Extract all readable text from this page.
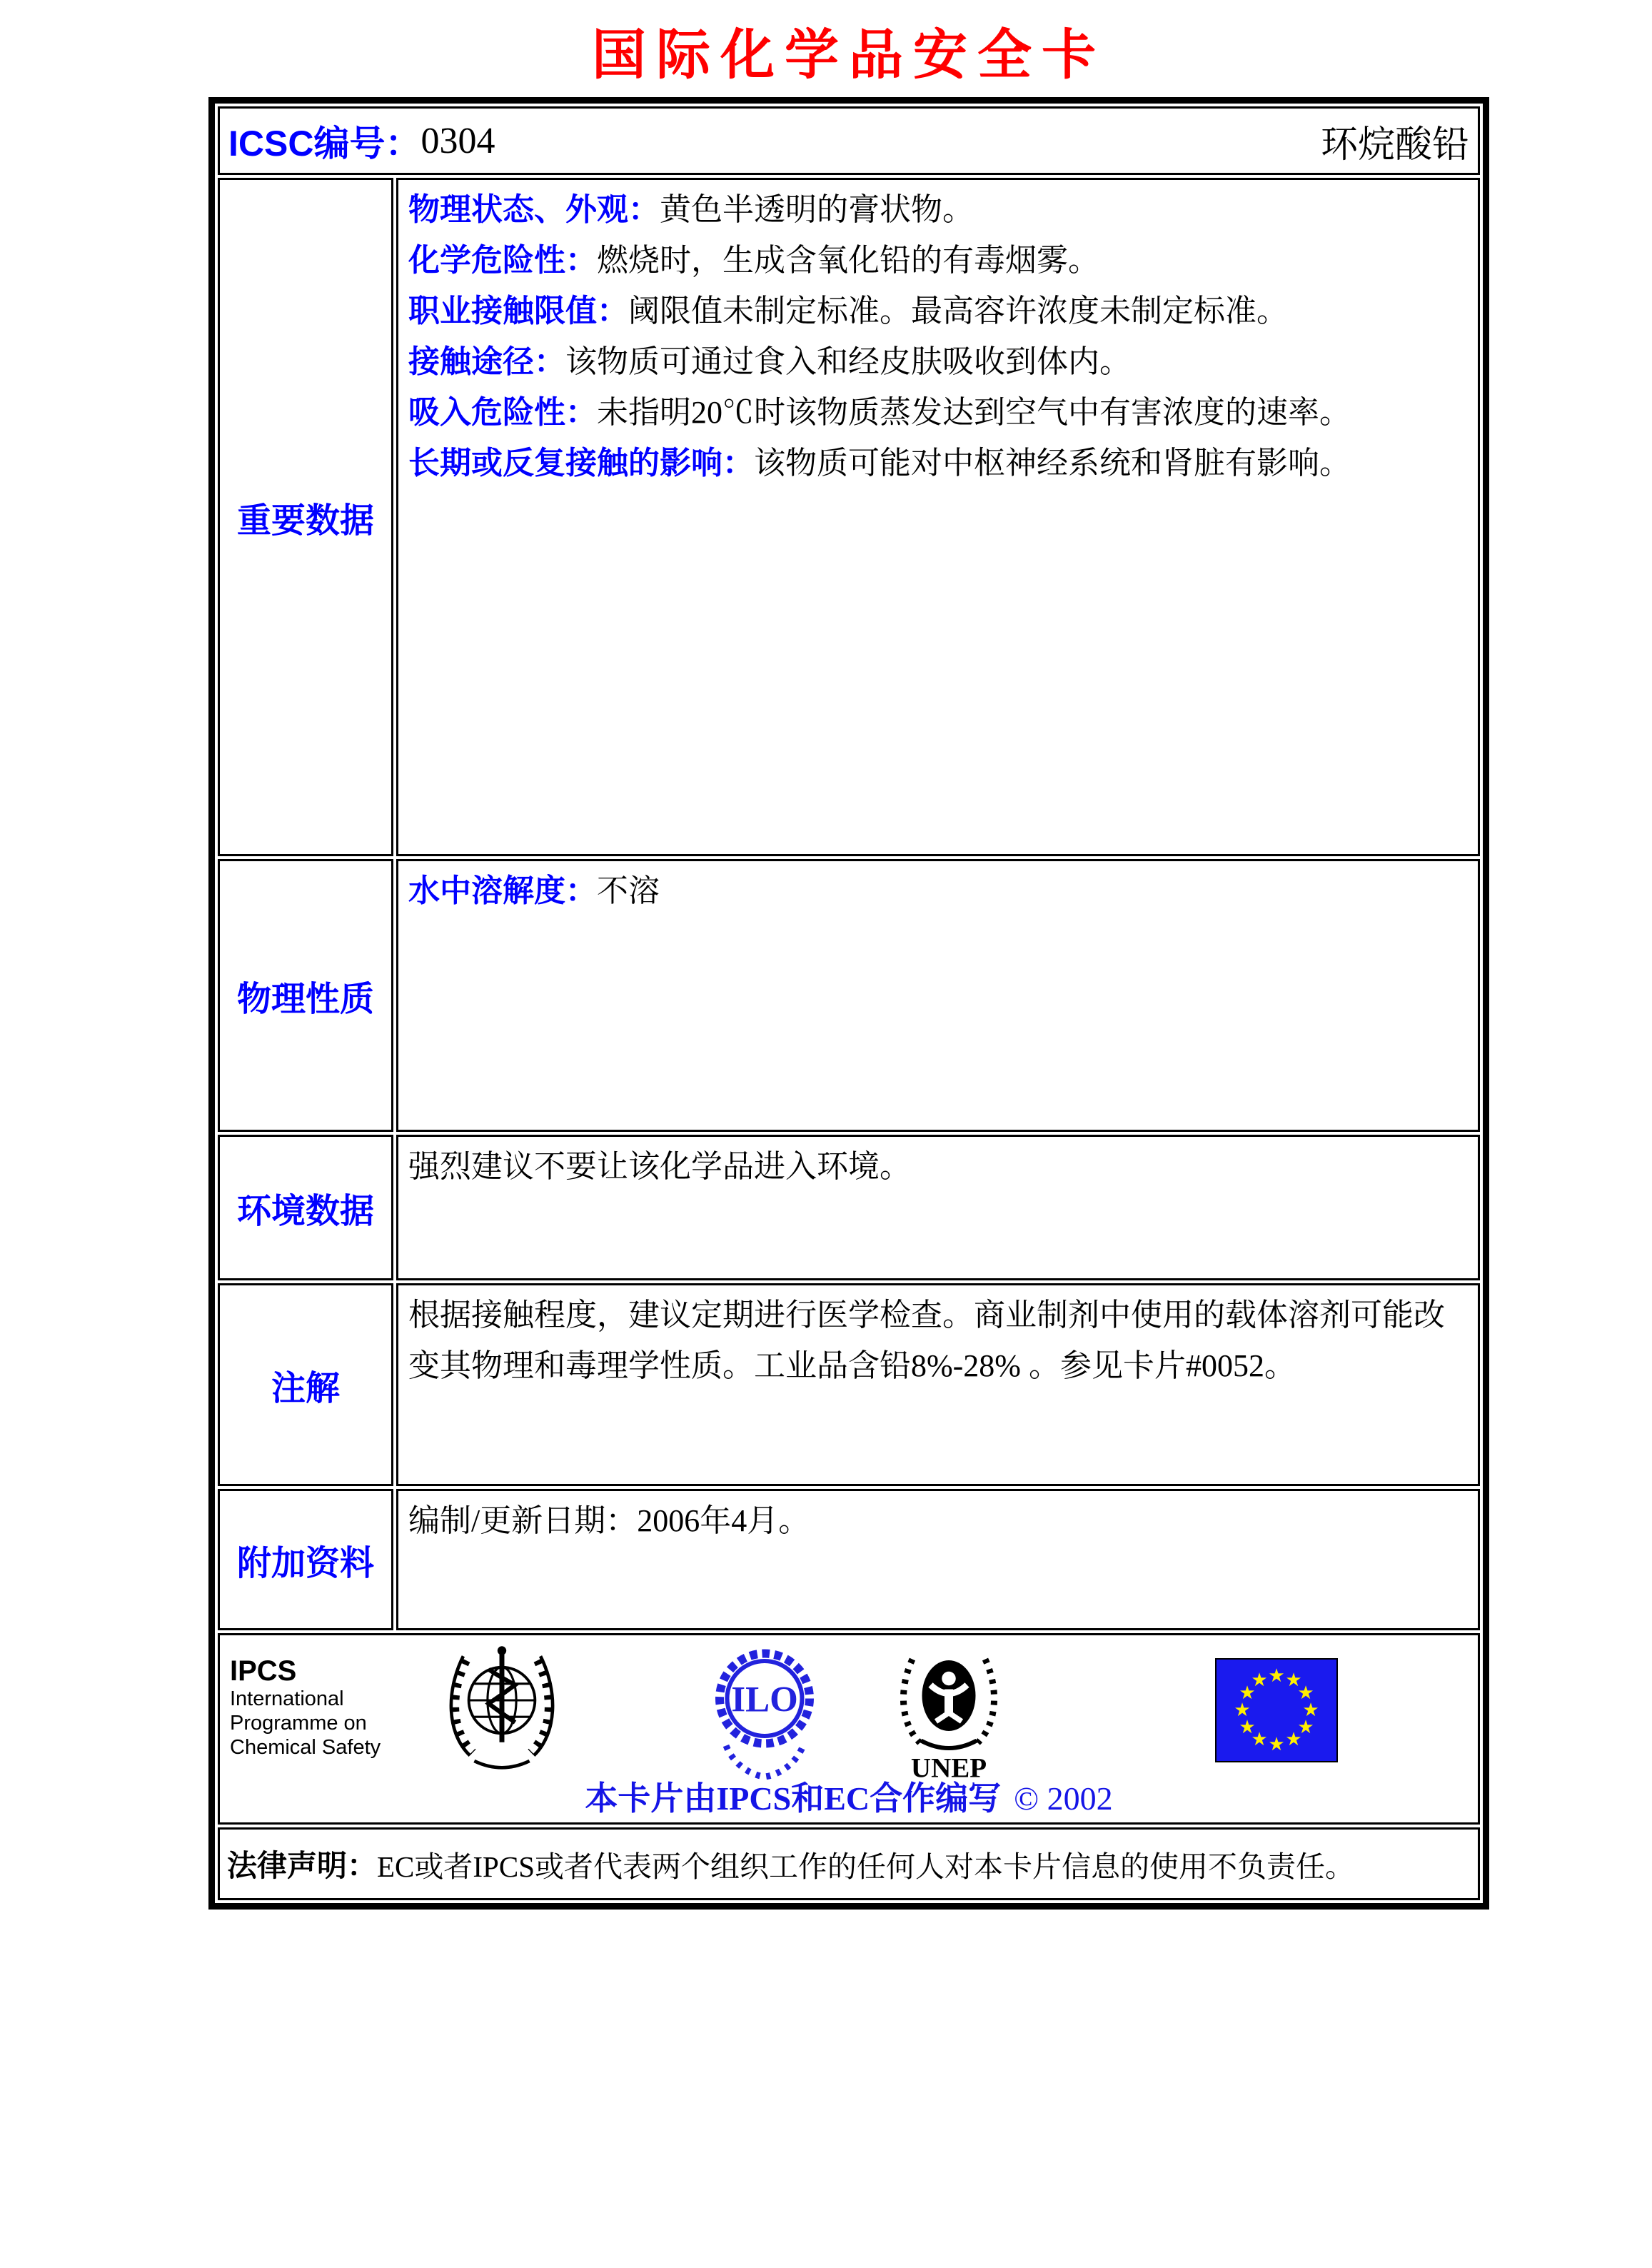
国际化学品安全卡
ICSC编号： 0304	环烷酸铅
重要数据
物理状态、外观：黄色半透明的膏状物。
化学危险性：燃烧时，生成含氧化铅的有毒烟雾。
职业接触限值：阈限值未制定标准。最高容许浓度未制定标准。
接触途径：该物质可通过食入和经皮肤吸收到体内。
吸入危险性：未指明20℃时该物质蒸发达到空气中有害浓度的速率。
长期或反复接触的影响：该物质可能对中枢神经系统和肾脏有影响。
物理性质
水中溶解度：不溶
环境数据
强烈建议不要让该化学品进入环境。
注解
根据接触程度，建议定期进行医学检查。商业制剂中使用的载体溶剂可能改变其物理和毒理学性质。工业品含铅8%-28% 。参见卡片#0052。
附加资料
编制/更新日期：2006年4月。
IPCS
International
Programme on
Chemical Safety
ILO
UNEP
★ ★
★
★
★
★
★
★
★
★
★
★
本卡片由IPCS和EC合作编写 © 2002
法律声明： EC或者IPCS或者代表两个组织工作的任何人对本卡片信息的使用不负责任。
